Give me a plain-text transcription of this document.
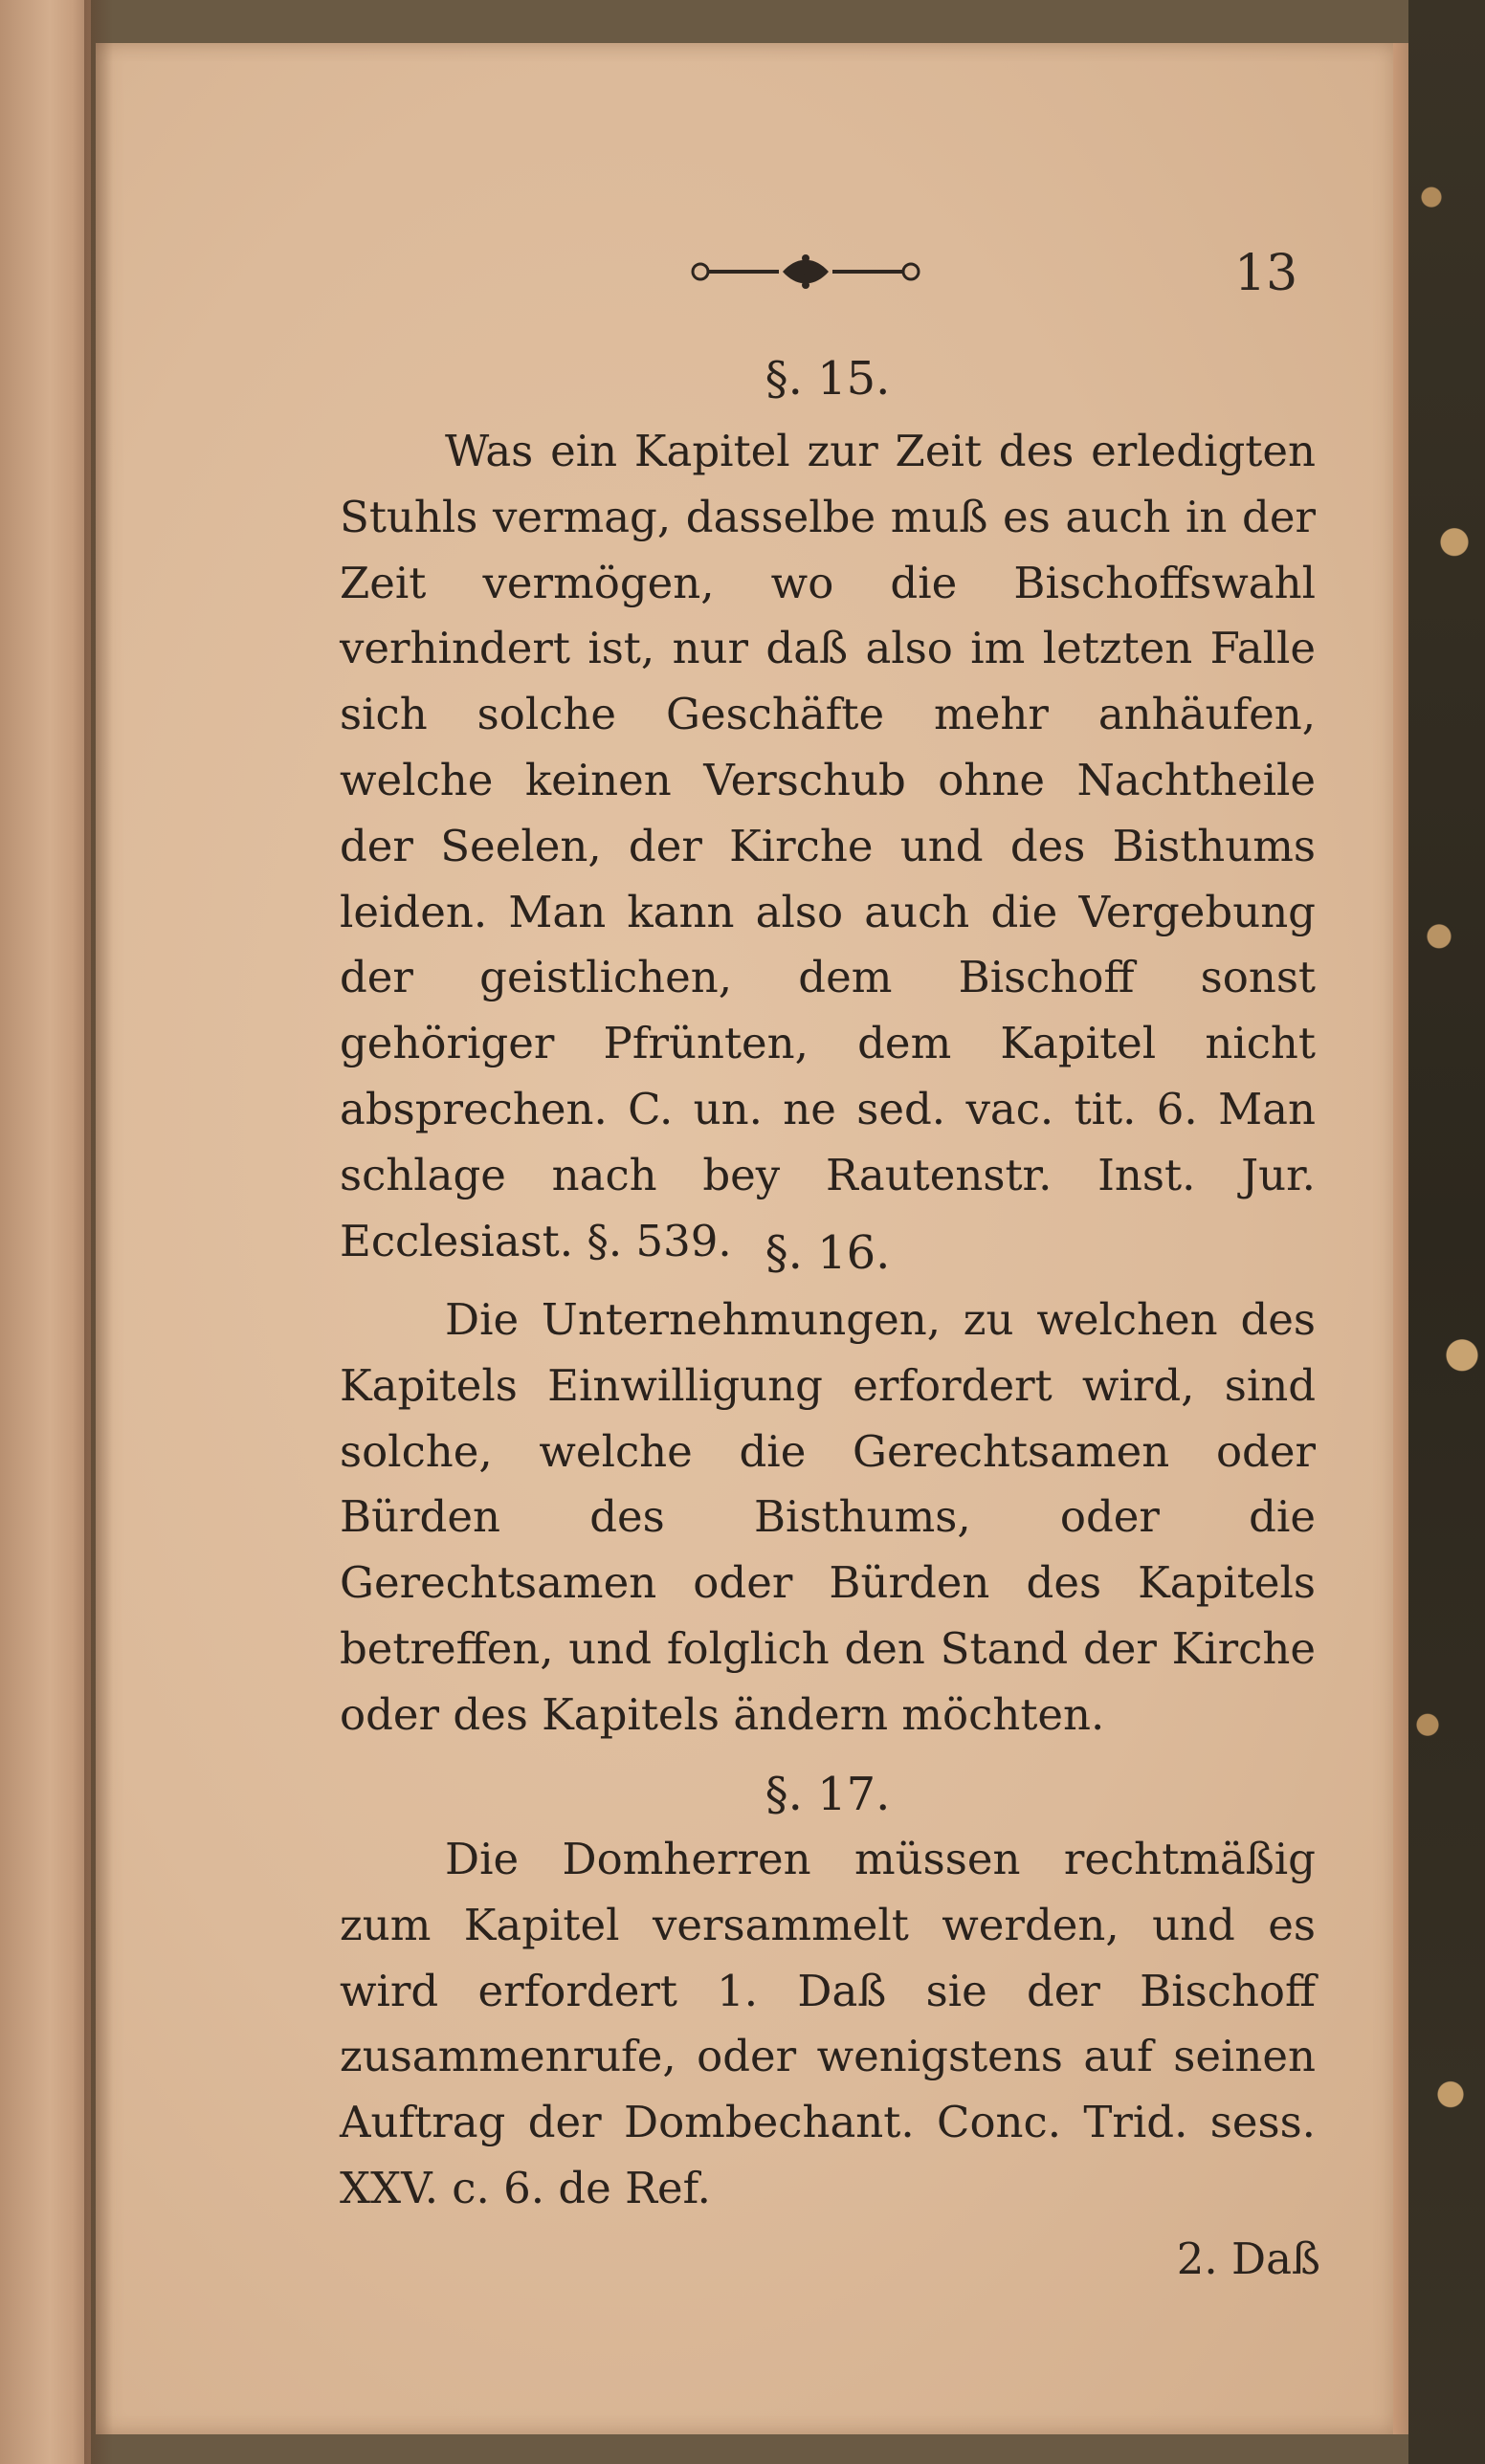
13
§. 15.
Was ein Kapitel zur Zeit des erledigten Stuhls vermag, dasselbe muß es auch in der Zeit vermögen, wo die Bischoffswahl verhindert ist, nur daß also im letzten Falle sich solche Geschäfte mehr anhäufen, welche keinen Verschub ohne Nachtheile der Seelen, der Kirche und des Bisthums leiden. Man kann also auch die Vergebung der geistlichen, dem Bischoff sonst gehöriger Pfrünten, dem Kapitel nicht absprechen. C. un. ne sed. vac. tit. 6. Man schlage nach bey Rautenstr. Inst. Jur. Ecclesiast. §. 539. §. 16.
Die Unternehmungen, zu welchen des Kapitels Einwilligung erfordert wird, sind solche, welche die Gerechtsamen oder Bürden des Bisthums, oder die Gerechtsamen oder Bürden des Kapitels betreffen, und folglich den Stand der Kirche oder des Kapitels ändern möchten.
§. 17.
Die Domherren müssen rechtmäßig zum Kapitel versammelt werden, und es wird erfordert 1. Daß sie der Bischoff zusammenrufe, oder wenigstens auf seinen Auftrag der Dombechant. Conc. Trid. sess. XXV. c. 6. de Ref.
2. Daß
